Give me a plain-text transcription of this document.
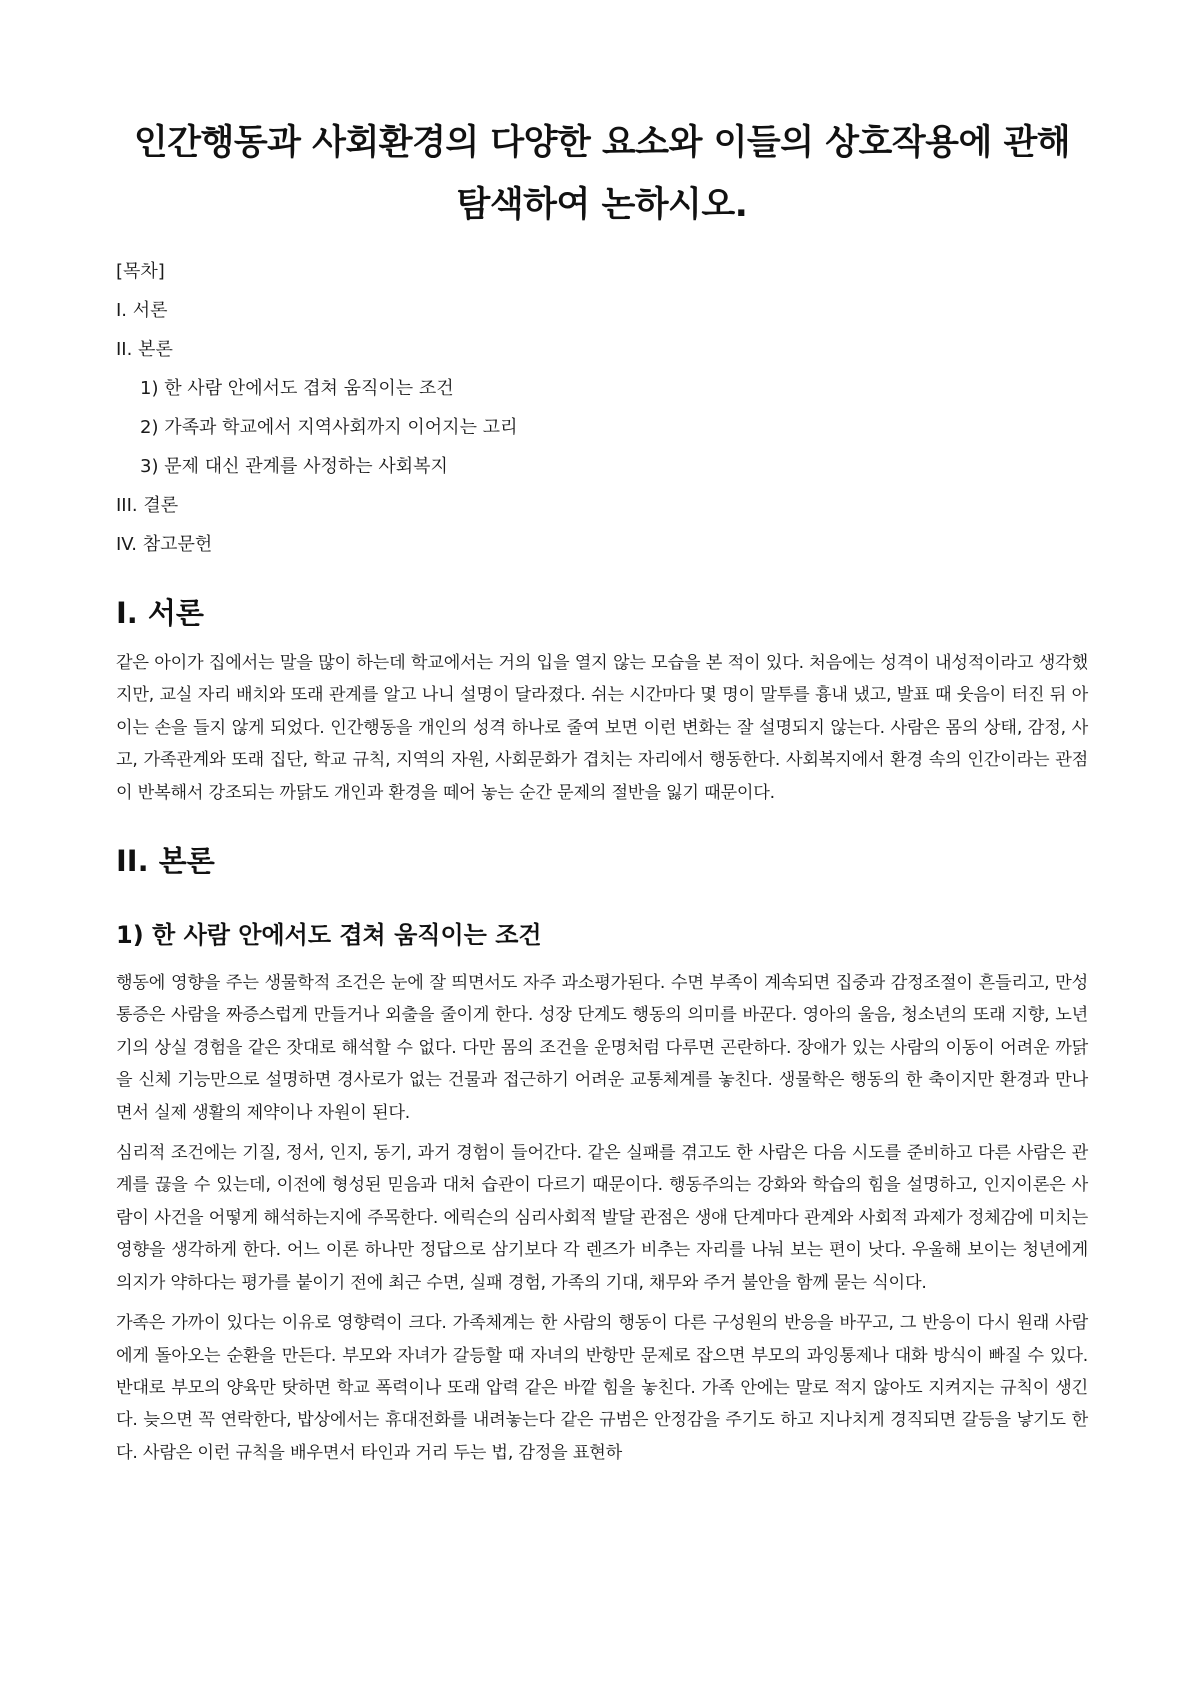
인간행동과 사회환경의 다양한 요소와 이들의 상호작용에 관해 탐색하여 논하시오.

[목차]

I. 서론

II. 본론

1) 한 사람 안에서도 겹쳐 움직이는 조건

2) 가족과 학교에서 지역사회까지 이어지는 고리

3) 문제 대신 관계를 사정하는 사회복지

III. 결론

IV. 참고문헌

I. 서론

같은 아이가 집에서는 말을 많이 하는데 학교에서는 거의 입을 열지 않는 모습을 본 적이 있다. 처음에는 성격이 내성적이라고 생각했지만, 교실 자리 배치와 또래 관계를 알고 나니 설명이 달라졌다. 쉬는 시간마다 몇 명이 말투를 흉내 냈고, 발표 때 웃음이 터진 뒤 아이는 손을 들지 않게 되었다. 인간행동을 개인의 성격 하나로 줄여 보면 이런 변화는 잘 설명되지 않는다. 사람은 몸의 상태, 감정, 사고, 가족관계와 또래 집단, 학교 규칙, 지역의 자원, 사회문화가 겹치는 자리에서 행동한다. 사회복지에서 환경 속의 인간이라는 관점이 반복해서 강조되는 까닭도 개인과 환경을 떼어 놓는 순간 문제의 절반을 잃기 때문이다.

II. 본론
1) 한 사람 안에서도 겹쳐 움직이는 조건

행동에 영향을 주는 생물학적 조건은 눈에 잘 띄면서도 자주 과소평가된다. 수면 부족이 계속되면 집중과 감정조절이 흔들리고, 만성통증은 사람을 짜증스럽게 만들거나 외출을 줄이게 한다. 성장 단계도 행동의 의미를 바꾼다. 영아의 울음, 청소년의 또래 지향, 노년기의 상실 경험을 같은 잣대로 해석할 수 없다. 다만 몸의 조건을 운명처럼 다루면 곤란하다. 장애가 있는 사람의 이동이 어려운 까닭을 신체 기능만으로 설명하면 경사로가 없는 건물과 접근하기 어려운 교통체계를 놓친다. 생물학은 행동의 한 축이지만 환경과 만나면서 실제 생활의 제약이나 자원이 된다.

심리적 조건에는 기질, 정서, 인지, 동기, 과거 경험이 들어간다. 같은 실패를 겪고도 한 사람은 다음 시도를 준비하고 다른 사람은 관계를 끊을 수 있는데, 이전에 형성된 믿음과 대처 습관이 다르기 때문이다. 행동주의는 강화와 학습의 힘을 설명하고, 인지이론은 사람이 사건을 어떻게 해석하는지에 주목한다. 에릭슨의 심리사회적 발달 관점은 생애 단계마다 관계와 사회적 과제가 정체감에 미치는 영향을 생각하게 한다. 어느 이론 하나만 정답으로 삼기보다 각 렌즈가 비추는 자리를 나눠 보는 편이 낫다. 우울해 보이는 청년에게 의지가 약하다는 평가를 붙이기 전에 최근 수면, 실패 경험, 가족의 기대, 채무와 주거 불안을 함께 묻는 식이다.

가족은 가까이 있다는 이유로 영향력이 크다. 가족체계는 한 사람의 행동이 다른 구성원의 반응을 바꾸고, 그 반응이 다시 원래 사람에게 돌아오는 순환을 만든다. 부모와 자녀가 갈등할 때 자녀의 반항만 문제로 잡으면 부모의 과잉통제나 대화 방식이 빠질 수 있다. 반대로 부모의 양육만 탓하면 학교 폭력이나 또래 압력 같은 바깥 힘을 놓친다. 가족 안에는 말로 적지 않아도 지켜지는 규칙이 생긴다. 늦으면 꼭 연락한다, 밥상에서는 휴대전화를 내려놓는다 같은 규범은 안정감을 주기도 하고 지나치게 경직되면 갈등을 낳기도 한다. 사람은 이런 규칙을 배우면서 타인과 거리 두는 법, 감정을 표현하
